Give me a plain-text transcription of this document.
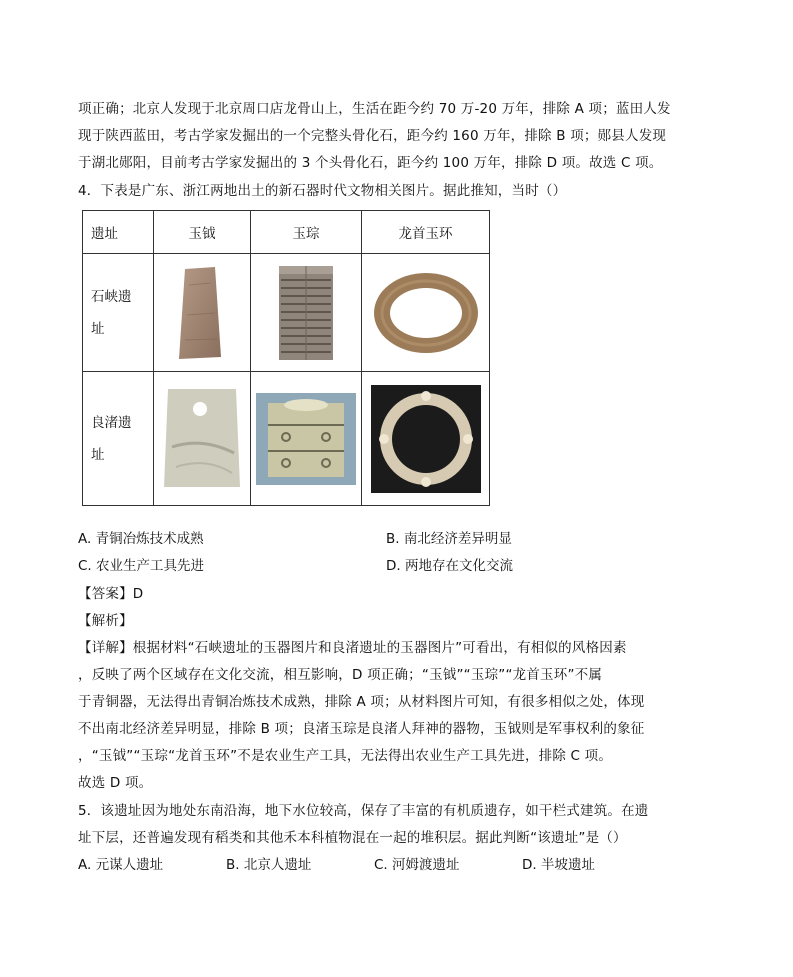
项正确；北京人发现于北京周口店龙骨山上，生活在距今约 70 万-20 万年，排除 A 项；蓝田人发
现于陕西蓝田，考古学家发掘出的一个完整头骨化石，距今约 160 万年，排除 B 项；郧县人发现
于湖北郧阳，目前考古学家发掘出的 3 个头骨化石，距今约 100 万年，排除 D 项。故选 C 项。
4．下表是广东、浙江两地出土的新石器时代文物相关图片。据此推知，当时（）
遗址	玉钺	玉琮	龙首玉环

石峡遗
址

良渚遗
址

A. 青铜冶炼技术成熟	B. 南北经济差异明显
C. 农业生产工具先进	D. 两地存在文化交流
【答案】D
【解析】
【详解】根据材料“石峡遗址的玉器图片和良渚遗址的玉器图片”可看出，有相似的风格因素
，反映了两个区域存在文化交流，相互影响，D 项正确；“玉钺”“玉琮”“龙首玉环”不属
于青铜器，无法得出青铜冶炼技术成熟，排除 A 项；从材料图片可知，有很多相似之处，体现
不出南北经济差异明显，排除 B 项；良渚玉琮是良渚人拜神的器物，玉钺则是军事权利的象征
，“玉钺”“玉琮“龙首玉环”不是农业生产工具，无法得出农业生产工具先进，排除 C 项。
故选 D 项。
5．该遗址因为地处东南沿海，地下水位较高，保存了丰富的有机质遗存，如干栏式建筑。在遗
址下层，还普遍发现有稻类和其他禾本科植物混在一起的堆积层。据此判断“该遗址”是（）
A. 元谋人遗址	B. 北京人遗址	C. 河姆渡遗址	D. 半坡遗址
